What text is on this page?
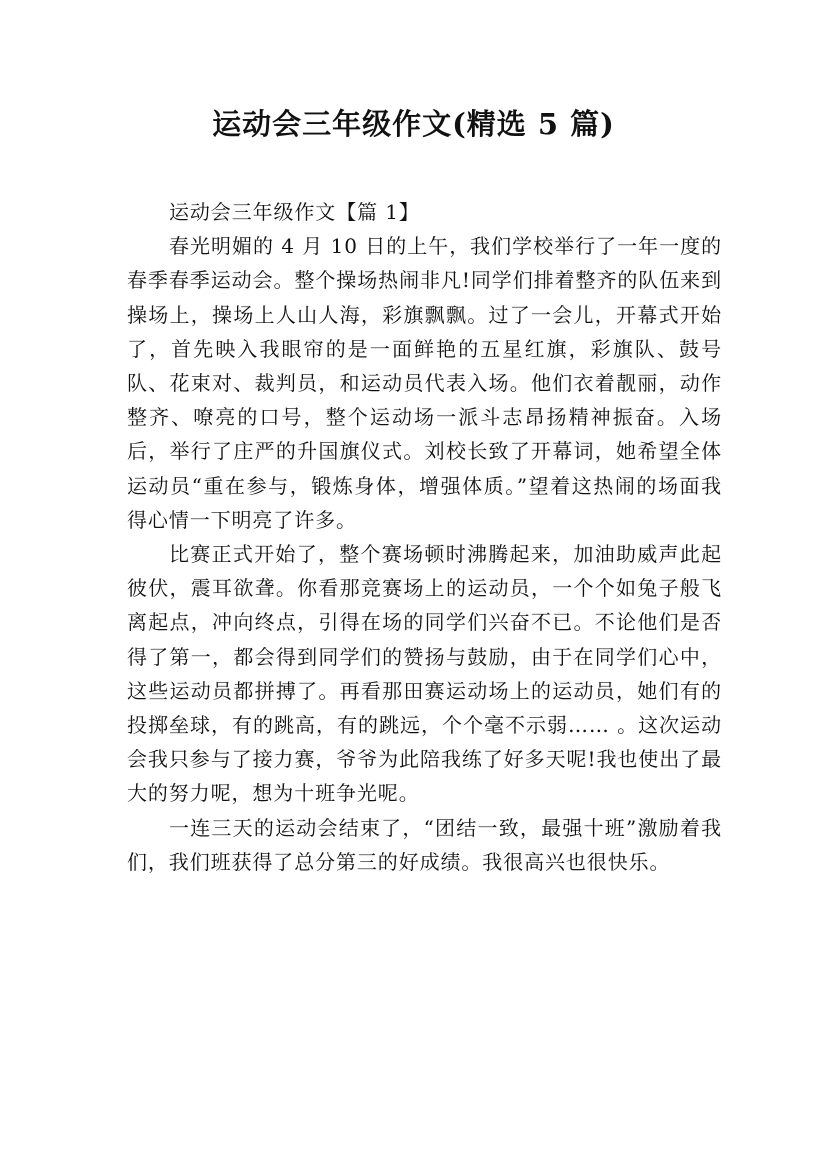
运动会三年级作文(精选 5 篇)

运动会三年级作文【篇 1】

春光明媚的 4 月 10 日的上午，我们学校举行了一年一度的春季春季运动会。整个操场热闹非凡!同学们排着整齐的队伍来到操场上，操场上人山人海，彩旗飘飘。过了一会儿，开幕式开始了，首先映入我眼帘的是一面鲜艳的五星红旗，彩旗队、鼓号队、花束对、裁判员，和运动员代表入场。他们衣着靓丽，动作整齐、嘹亮的口号，整个运动场一派斗志昂扬精神振奋。入场后，举行了庄严的升国旗仪式。刘校长致了开幕词，她希望全体运动员“重在参与，锻炼身体，增强体质。”望着这热闹的场面我得心情一下明亮了许多。

比赛正式开始了，整个赛场顿时沸腾起来，加油助威声此起彼伏，震耳欲聋。你看那竞赛场上的运动员，一个个如兔子般飞离起点，冲向终点，引得在场的同学们兴奋不已。不论他们是否得了第一，都会得到同学们的赞扬与鼓励，由于在同学们心中，这些运动员都拼搏了。再看那田赛运动场上的运动员，她们有的投掷垒球，有的跳高，有的跳远，个个毫不示弱…… 。这次运动会我只参与了接力赛，爷爷为此陪我练了好多天呢!我也使出了最大的努力呢，想为十班争光呢。

一连三天的运动会结束了，“团结一致，最强十班”激励着我们，我们班获得了总分第三的好成绩。我很高兴也很快乐。
